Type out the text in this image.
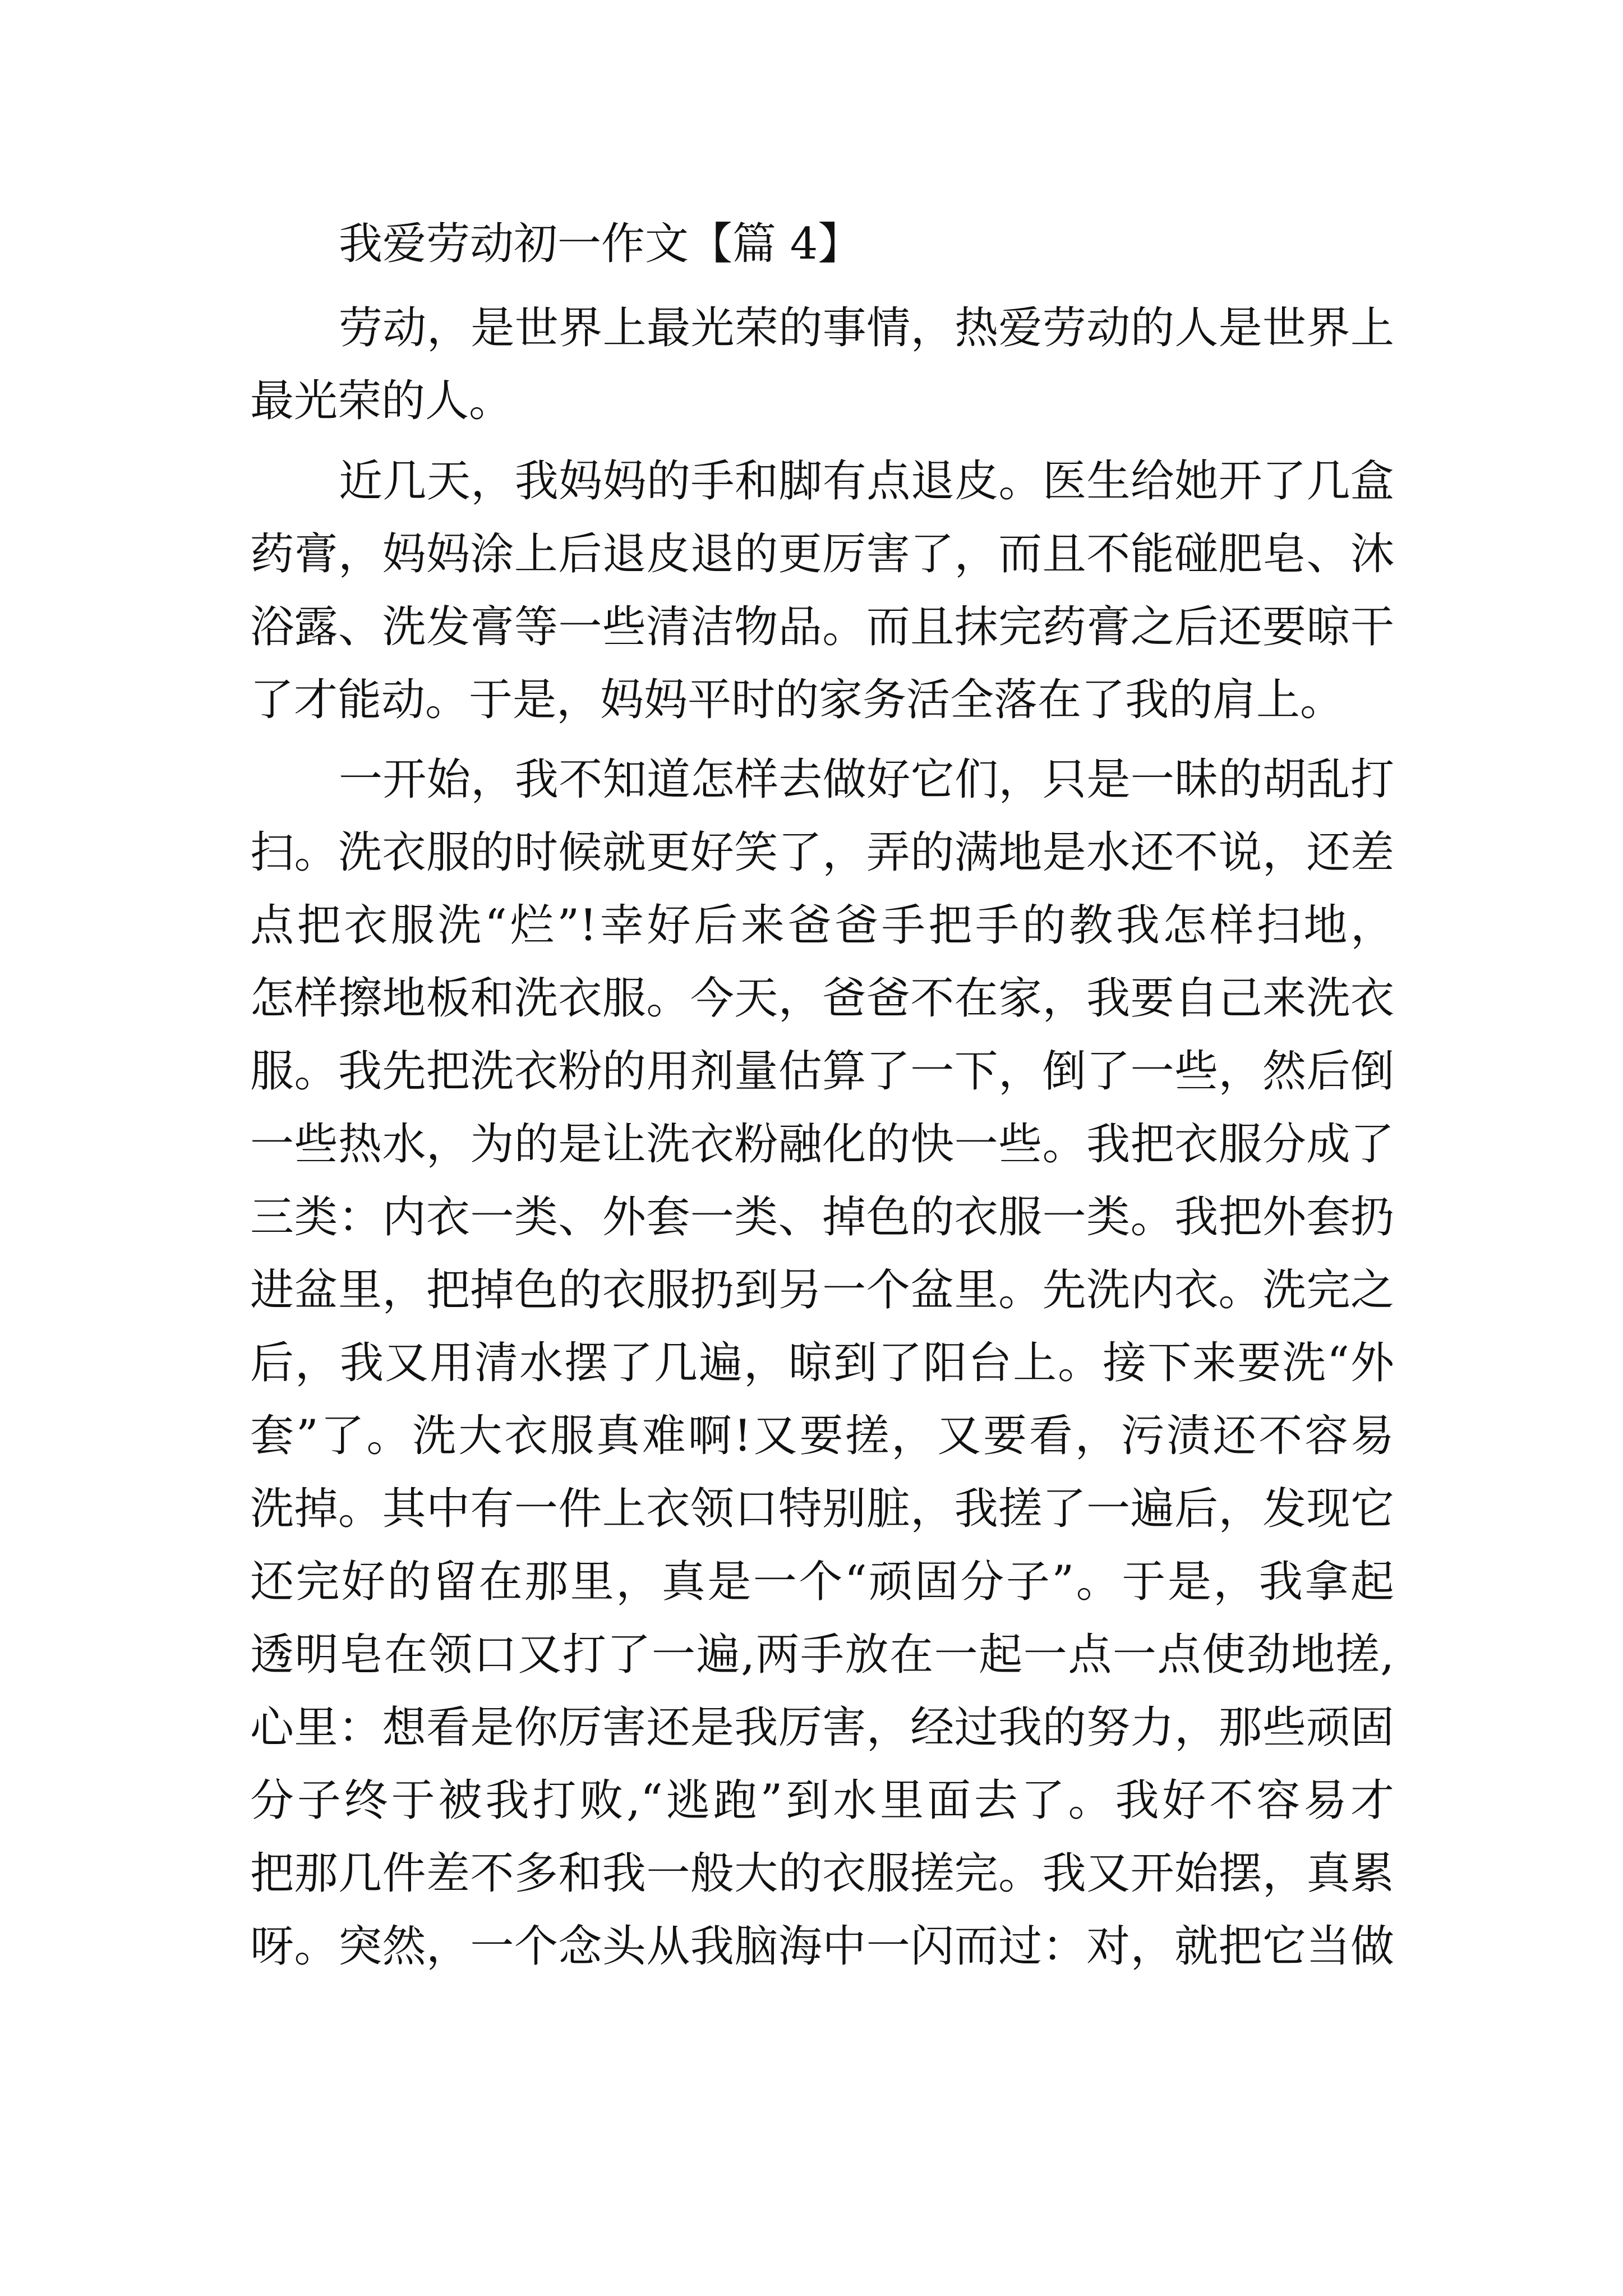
我爱劳动初一作文【篇 4】
劳动，是世界上最光荣的事情，热爱劳动的人是世界上
最光荣的人。
近几天，我妈妈的手和脚有点退皮。医生给她开了几盒
药膏，妈妈涂上后退皮退的更厉害了，而且不能碰肥皂、沐
浴露、洗发膏等一些清洁物品。而且抹完药膏之后还要晾干
了才能动。于是，妈妈平时的家务活全落在了我的肩上。
一开始，我不知道怎样去做好它们，只是一昧的胡乱打
扫。洗衣服的时候就更好笑了，弄的满地是水还不说，还差
点把衣服洗“烂”!幸好后来爸爸手把手的教我怎样扫地，
怎样擦地板和洗衣服。今天，爸爸不在家，我要自己来洗衣
服。我先把洗衣粉的用剂量估算了一下，倒了一些，然后倒
一些热水，为的是让洗衣粉融化的快一些。我把衣服分成了
三类：内衣一类、外套一类、掉色的衣服一类。我把外套扔
进盆里，把掉色的衣服扔到另一个盆里。先洗内衣。洗完之
后，我又用清水摆了几遍，晾到了阳台上。接下来要洗“外
套”了。洗大衣服真难啊!又要搓，又要看，污渍还不容易
洗掉。其中有一件上衣领口特别脏，我搓了一遍后，发现它
还完好的留在那里，真是一个“顽固分子”。于是，我拿起
透明皂在领口又打了一遍,两手放在一起一点一点使劲地搓,
心里：想看是你厉害还是我厉害，经过我的努力，那些顽固
分子终于被我打败,“逃跑”到水里面去了。我好不容易才
把那几件差不多和我一般大的衣服搓完。我又开始摆，真累
呀。突然，一个念头从我脑海中一闪而过：对，就把它当做
